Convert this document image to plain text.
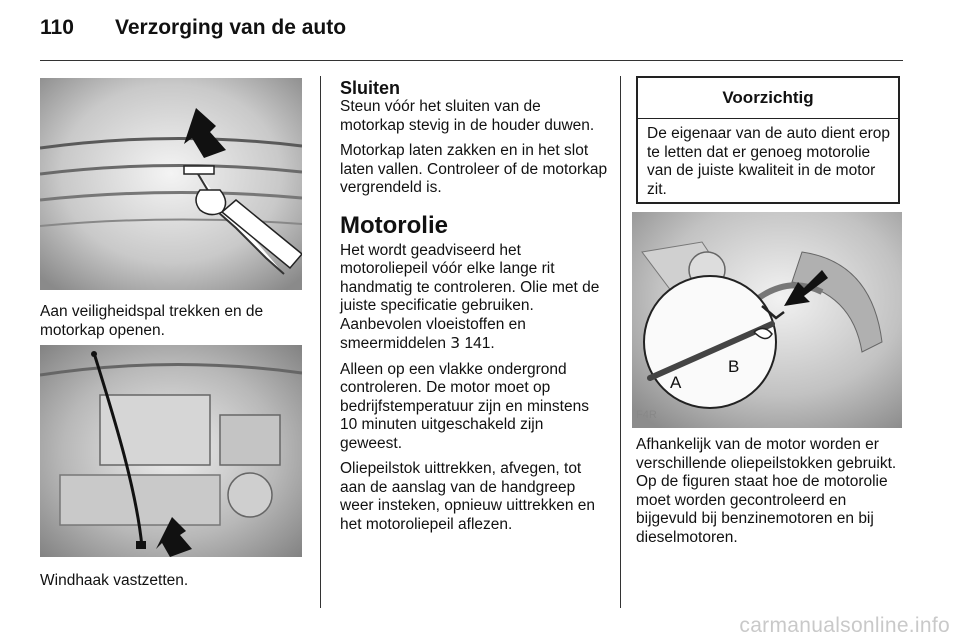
110 Verzorging van de auto

Aan veiligheidspal trekken en de motorkap openen.

Windhaak vastzetten.

Sluiten

Steun vóór het sluiten van de motorkap stevig in de houder duwen.

Motorkap laten zakken en in het slot laten vallen. Controleer of de motorkap vergrendeld is.

Motorolie

Het wordt geadviseerd het motoroliepeil vóór elke lange rit handmatig te controleren. Olie met de juiste specificatie gebruiken. Aanbevolen vloeistoffen en smeermiddelen 3 141.

Alleen op een vlakke ondergrond controleren. De motor moet op bedrijfstemperatuur zijn en minstens 10 minuten uitgeschakeld zijn geweest.

Oliepeilstok uittrekken, afvegen, tot aan de aanslag van de handgreep weer insteken, opnieuw uittrekken en het motoroliepeil aflezen.

Voorzichtig
De eigenaar van de auto dient erop te letten dat er genoeg motorolie van de juiste kwaliteit in de motor zit.
A
B
F4R

Afhankelijk van de motor worden er verschillende oliepeilstokken gebruikt. Op de figuren staat hoe de motorolie moet worden gecontroleerd en bijgevuld bij benzinemotoren en bij dieselmotoren.

carmanualsonline.info
